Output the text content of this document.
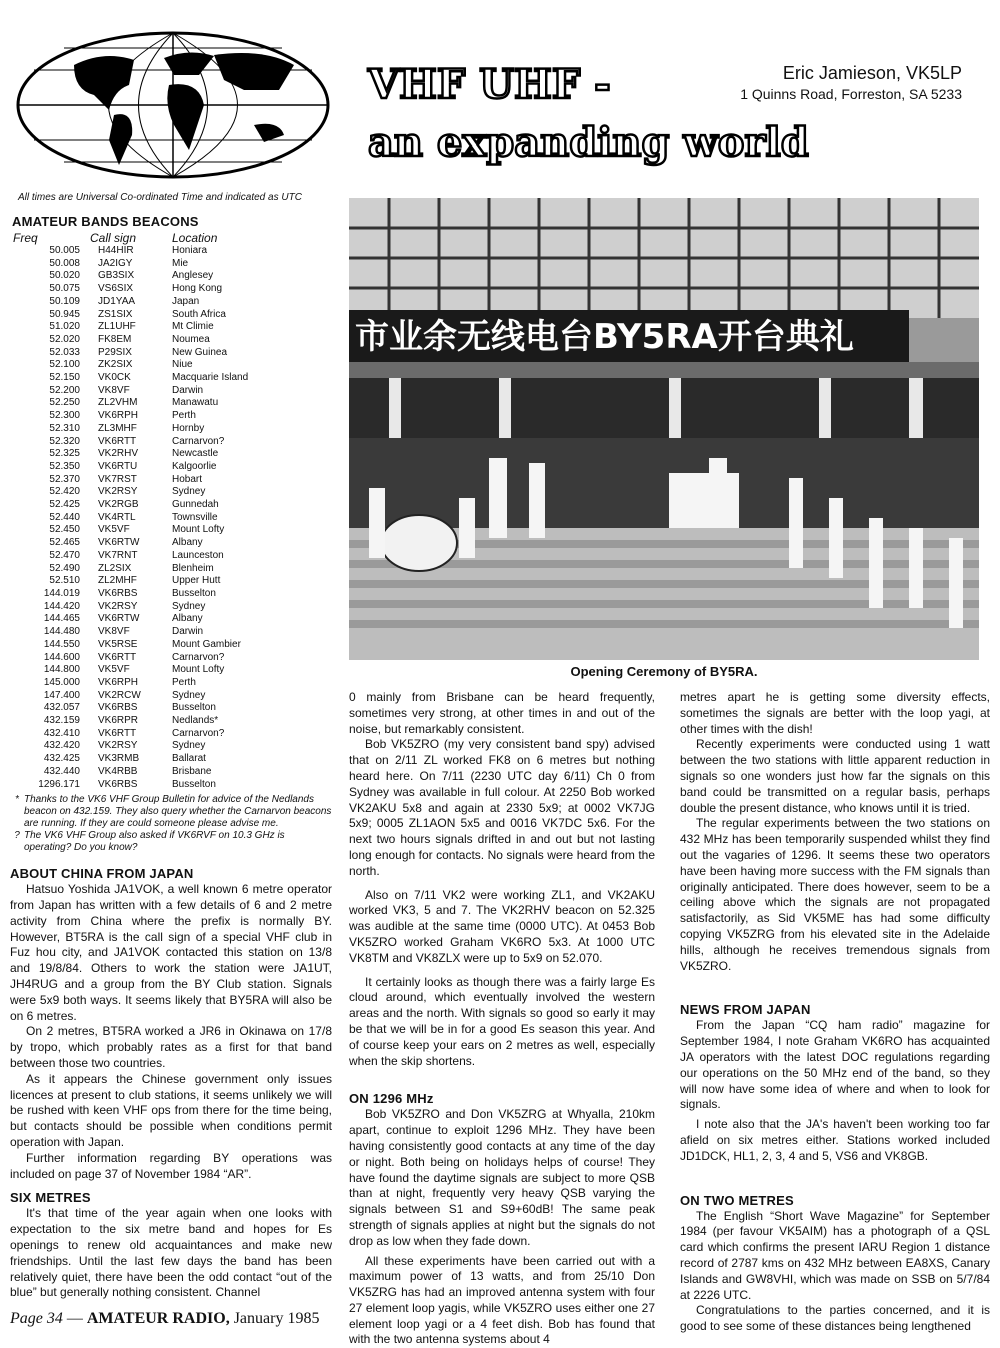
VHF UHF -
an expanding world
Eric Jamieson, VK5LP
1 Quinns Road, Forreston, SA 5233
All times are Universal Co-ordinated Time and indicated as UTC
AMATEUR BANDS BEACONS
Freq	Call sign	Location
50.005	H44HIR	Honiara
50.008	JA2IGY	Mie
50.020	GB3SIX	Anglesey
50.075	VS6SIX	Hong Kong
50.109	JD1YAA	Japan
50.945	ZS1SIX	South Africa
51.020	ZL1UHF	Mt Climie
52.020	FK8EM	Noumea
52.033	P29SIX	New Guinea
52.100	ZK2SIX	Niue
52.150	VK0CK	Macquarie Island
52.200	VK8VF	Darwin
52.250	ZL2VHM	Manawatu
52.300	VK6RPH	Perth
52.310	ZL3MHF	Hornby
52.320	VK6RTT	Carnarvon?
52.325	VK2RHV	Newcastle
52.350	VK6RTU	Kalgoorlie
52.370	VK7RST	Hobart
52.420	VK2RSY	Sydney
52.425	VK2RGB	Gunnedah
52.440	VK4RTL	Townsville
52.450	VK5VF	Mount Lofty
52.465	VK6RTW	Albany
52.470	VK7RNT	Launceston
52.490	ZL2SIX	Blenheim
52.510	ZL2MHF	Upper Hutt
144.019	VK6RBS	Busselton
144.420	VK2RSY	Sydney
144.465	VK6RTW	Albany
144.480	VK8VF	Darwin
144.550	VK5RSE	Mount Gambier
144.600	VK6RTT	Carnarvon?
144.800	VK5VF	Mount Lofty
145.000	VK6RPH	Perth
147.400	VK2RCW	Sydney
432.057	VK6RBS	Busselton
432.159	VK6RPR	Nedlands*
432.410	VK6RTT	Carnarvon?
432.420	VK2RSY	Sydney
432.425	VK3RMB	Ballarat
432.440	VK4RBB	Brisbane
1296.171	VK6RBS	Busselton
* Thanks to the VK6 VHF Group Bulletin for advice of the Nedlands beacon on 432.159. They also query whether the Carnarvon beacons are running. If they are could someone please advise me.
? The VK6 VHF Group also asked if VK6RVF on 10.3 GHz is operating? Do you know?
ABOUT CHINA FROM JAPAN

Hatsuo Yoshida JA1VOK, a well known 6 metre operator from Japan has written with a few details of 6 and 2 metre activity from China where the prefix is normally BY. However, BT5RA is the call sign of a special VHF club in Fuz hou city, and JA1VOK contacted this station on 13/8 and 19/8/84. Others to work the station were JA1UT, JH4RUG and a group from the BY Club station. Signals were 5x9 both ways. It seems likely that BY5RA will also be on 6 metres.

On 2 metres, BT5RA worked a JR6 in Okinawa on 17/8 by tropo, which probably rates as a first for that band between those two countries.

As it appears the Chinese government only issues licences at present to club stations, it seems unlikely we will be rushed with keen VHF ops from there for the time being, but contacts should be possible when conditions permit operation with Japan.

Further information regarding BY operations was included on page 37 of November 1984 “AR”.

SIX METRES

It's that time of the year again when one looks with expectation to the six metre band and hopes for Es openings to renew old acquaintances and make new friendships. Until the last few days the band has been relatively quiet, there have been the odd contact “out of the blue” but generally nothing consistent. Channel

市业余无线电台BY5RA开台典礼
Opening Ceremony of BY5RA.

0 mainly from Brisbane can be heard frequently, sometimes very strong, at other times in and out of the noise, but remarkably consistent.

Bob VK5ZRO (my very consistent band spy) advised that on 2/11 ZL worked FK8 on 6 metres but nothing heard here. On 7/11 (2230 UTC day 6/11) Ch 0 from Sydney was available in full colour. At 2250 Bob worked VK2AKU 5x8 and again at 2330 5x9; at 0002 VK7JG 5x9; 0005 ZL1AON 5x5 and 0016 VK7DC 5x6. For the next two hours signals drifted in and out but not lasting long enough for contacts. No signals were heard from the north.

Also on 7/11 VK2 were working ZL1, and VK2AKU worked VK3, 5 and 7. The VK2RHV beacon on 52.325 was audible at the same time (0000 UTC). At 0453 Bob VK5ZRO worked Graham VK6RO 5x3. At 1000 UTC VK8TM and VK8ZLX were up to 5x9 on 52.070.

It certainly looks as though there was a fairly large Es cloud around, which eventually involved the western areas and the north. With signals so good so early it may be that we will be in for a good Es season this year. And of course keep your ears on 2 metres as well, especially when the skip shortens.

ON 1296 MHz

Bob VK5ZRO and Don VK5ZRG at Whyalla, 210km apart, continue to exploit 1296 MHz. They have been having consistently good contacts at any time of the day or night. Both being on holidays helps of course! They have found the daytime signals are subject to more QSB than at night, frequently very heavy QSB varying the signals between S1 and S9+60dB! The same peak strength of signals applies at night but the signals do not drop as low when they fade down.

All these experiments have been carried out with a maximum power of 13 watts, and from 25/10 Don VK5ZRG has had an improved antenna system with four 27 element loop yagis, while VK5ZRO uses either one 27 element loop yagi or a 4 feet dish. Bob has found that with the two antenna systems about 4

metres apart he is getting some diversity effects, sometimes the signals are better with the loop yagi, at other times with the dish!

Recently experiments were conducted using 1 watt between the two stations with little apparent reduction in signals so one wonders just how far the signals on this band could be transmitted on a regular basis, perhaps double the present distance, who knows until it is tried.

The regular experiments between the two stations on 432 MHz has been temporarily suspended whilst they find out the vagaries of 1296. It seems these two operators have been having more success with the FM signals than originally anticipated. There does however, seem to be a ceiling above which the signals are not propagated satisfactorily, as Sid VK5ME has had some difficulty copying VK5ZRG from his elevated site in the Adelaide hills, although he receives tremendous signals from VK5ZRO.

NEWS FROM JAPAN

From the Japan “CQ ham radio” magazine for September 1984, I note Graham VK6RO has acquainted JA operators with the latest DOC regulations regarding our operations on the 50 MHz end of the band, so they will now have some idea of where and when to look for signals.

I note also that the JA's haven't been working too far afield on six metres either. Stations worked included JD1DCK, HL1, 2, 3, 4 and 5, VS6 and VK8GB.

ON TWO METRES

The English “Short Wave Magazine” for September 1984 (per favour VK5AIM) has a photograph of a QSL card which confirms the present IARU Region 1 distance record of 2787 kms on 432 MHz between EA8XS, Canary Islands and GW8VHI, which was made on SSB on 5/7/84 at 2226 UTC.

Congratulations to the parties concerned, and it is good to see some of these distances being lengthened

Page 34 — AMATEUR RADIO, January 1985
